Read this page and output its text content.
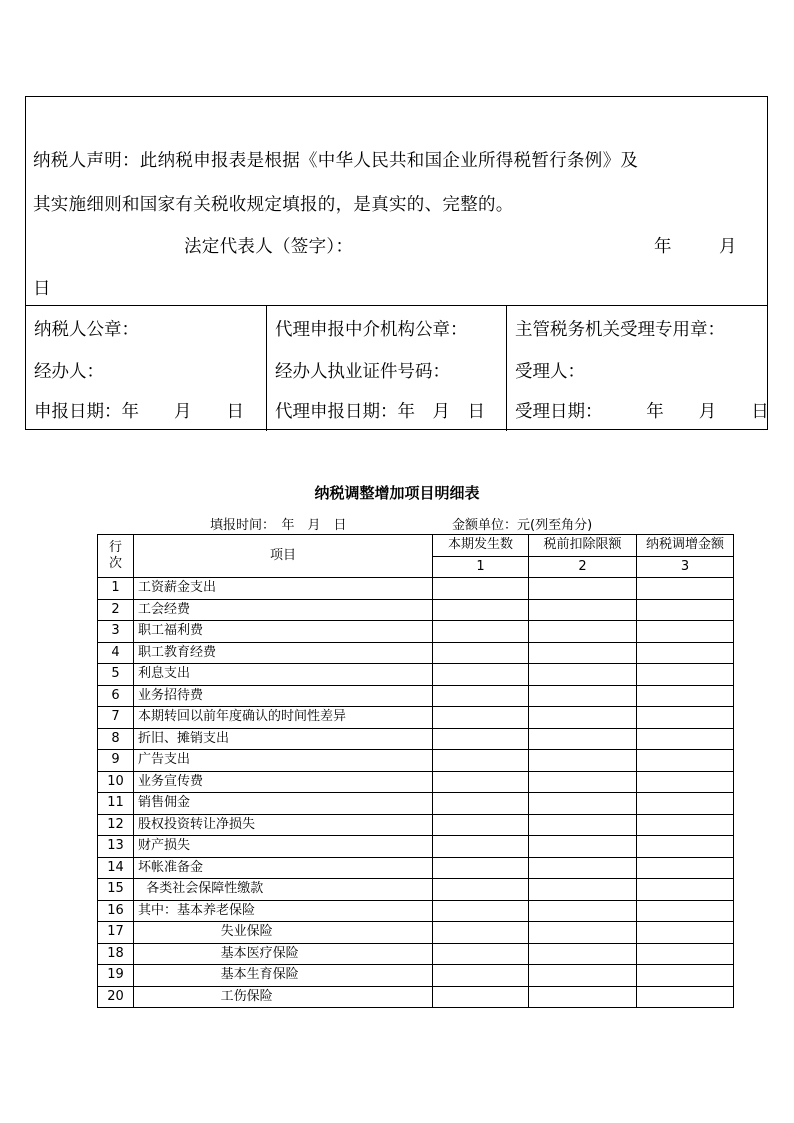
纳税人声明：此纳税申报表是根据《中华人民共和国企业所得税暂行条例》及
其实施细则和国家有关税收规定填报的，是真实的、完整的。
法定代表人（签字）：	年	月
日
纳税人公章：
经办人：
申报日期：年　　月　　日
代理申报中介机构公章：
经办人执业证件号码：
代理申报日期：年　月　日
主管税务机关受理专用章：
受理人：
受理日期：　　　年　　月　　日
纳税调整增加项目明细表
填报时间：　年　月　日	金额单位：元(列至角分)
行
次	项目	本期发生数	税前扣除限额	纳税调增金额
		1	2	3
1	工资薪金支出			
2	工会经费			
3	职工福利费			
4	职工教育经费			
5	利息支出			
6	业务招待费			
7	本期转回以前年度确认的时间性差异			
8	折旧、摊销支出			
9	广告支出			
10	业务宣传费			
11	销售佣金			
12	股权投资转让净损失			
13	财产损失			
14	坏帐准备金			
15	各类社会保障性缴款			
16	其中：基本养老保险			
17	失业保险			
18	基本医疗保险			
19	基本生育保险			
20	工伤保险			
